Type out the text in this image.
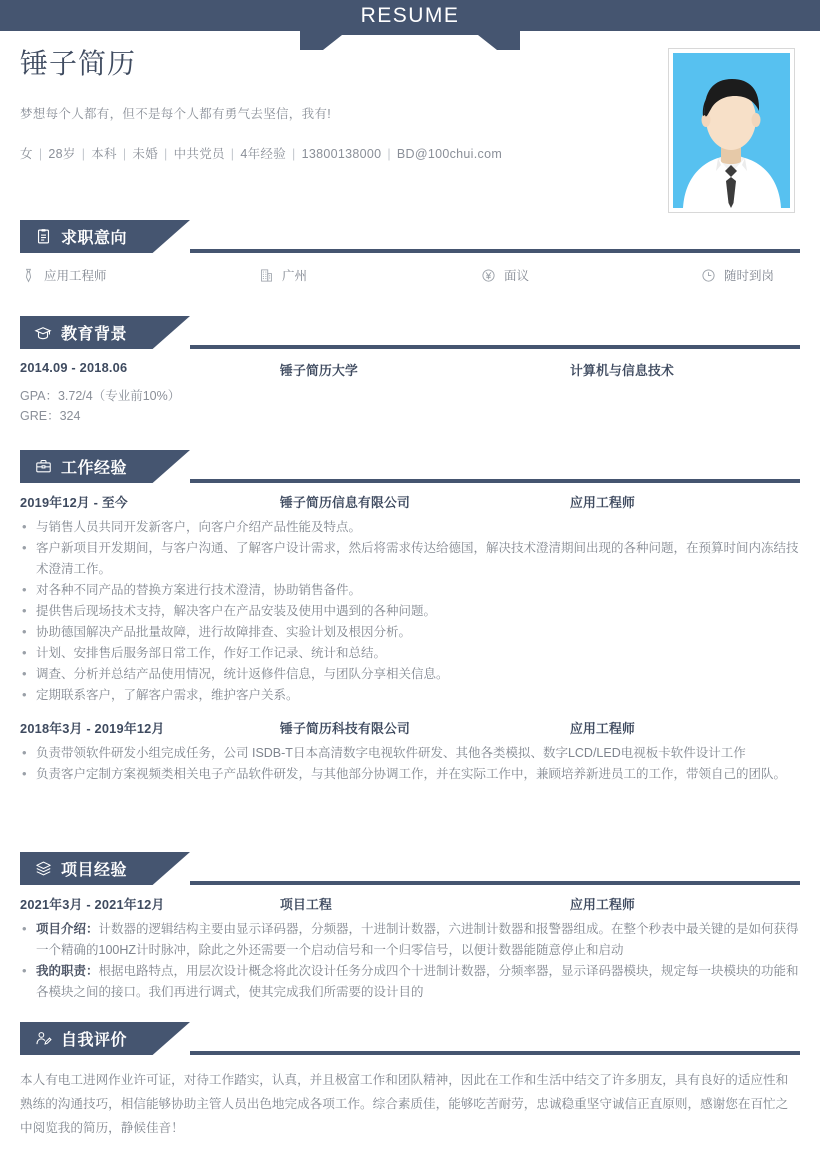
RESUME
锤子简历
梦想每个人都有，但不是每个人都有勇气去坚信，我有!
女 | 28岁 | 本科 | 未婚 | 中共党员 | 4年经验 | 13800138000 | BD@100chui.com
求职意向
应用工程师	广州	面议	随时到岗
教育背景
2014.09 - 2018.06	锤子简历大学	计算机与信息技术
GPA：3.72/4（专业前10%）
GRE：324
工作经验
2019年12月 - 至今	锤子简历信息有限公司	应用工程师
• 与销售人员共同开发新客户，向客户介绍产品性能及特点。
• 客户新项目开发期间，与客户沟通、了解客户设计需求，然后将需求传达给德国，解决技术澄清期间出现的各种问题，在预算时间内冻结技术澄清工作。
• 对各种不同产品的替换方案进行技术澄清，协助销售备件。
• 提供售后现场技术支持，解决客户在产品安装及使用中遇到的各种问题。
• 协助德国解决产品批量故障，进行故障排查、实验计划及根因分析。
• 计划、安排售后服务部日常工作，作好工作记录、统计和总结。
• 调查、分析并总结产品使用情况，统计返修件信息，与团队分享相关信息。
• 定期联系客户，了解客户需求，维护客户关系。
2018年3月 - 2019年12月	锤子简历科技有限公司	应用工程师
• 负责带领软件研发小组完成任务，公司 ISDB-T日本高清数字电视软件研发、其他各类模拟、数字LCD/LED电视板卡软件设计工作
• 负责客户定制方案视频类相关电子产品软件研发，与其他部分协调工作，并在实际工作中，兼顾培养新进员工的工作，带领自己的团队。
项目经验
2021年3月 - 2021年12月	项目工程	应用工程师
• 项目介绍：计数器的逻辑结构主要由显示译码器，分频器，十进制计数器，六进制计数器和报警器组成。在整个秒表中最关键的是如何获得一个精确的100HZ计时脉冲，除此之外还需要一个启动信号和一个归零信号，以便计数器能随意停止和启动
• 我的职责：根据电路特点，用层次设计概念将此次设计任务分成四个十进制计数器，分频率器，显示译码器模块，规定每一块模块的功能和各模块之间的接口。我们再进行调式，使其完成我们所需要的设计目的
自我评价
本人有电工进网作业许可证，对待工作踏实，认真，并且极富工作和团队精神，因此在工作和生活中结交了许多朋友，具有良好的适应性和熟练的沟通技巧，相信能够协助主管人员出色地完成各项工作。综合素质佳，能够吃苦耐劳，忠诚稳重坚守诚信正直原则，感谢您在百忙之中阅览我的简历，静候佳音！
